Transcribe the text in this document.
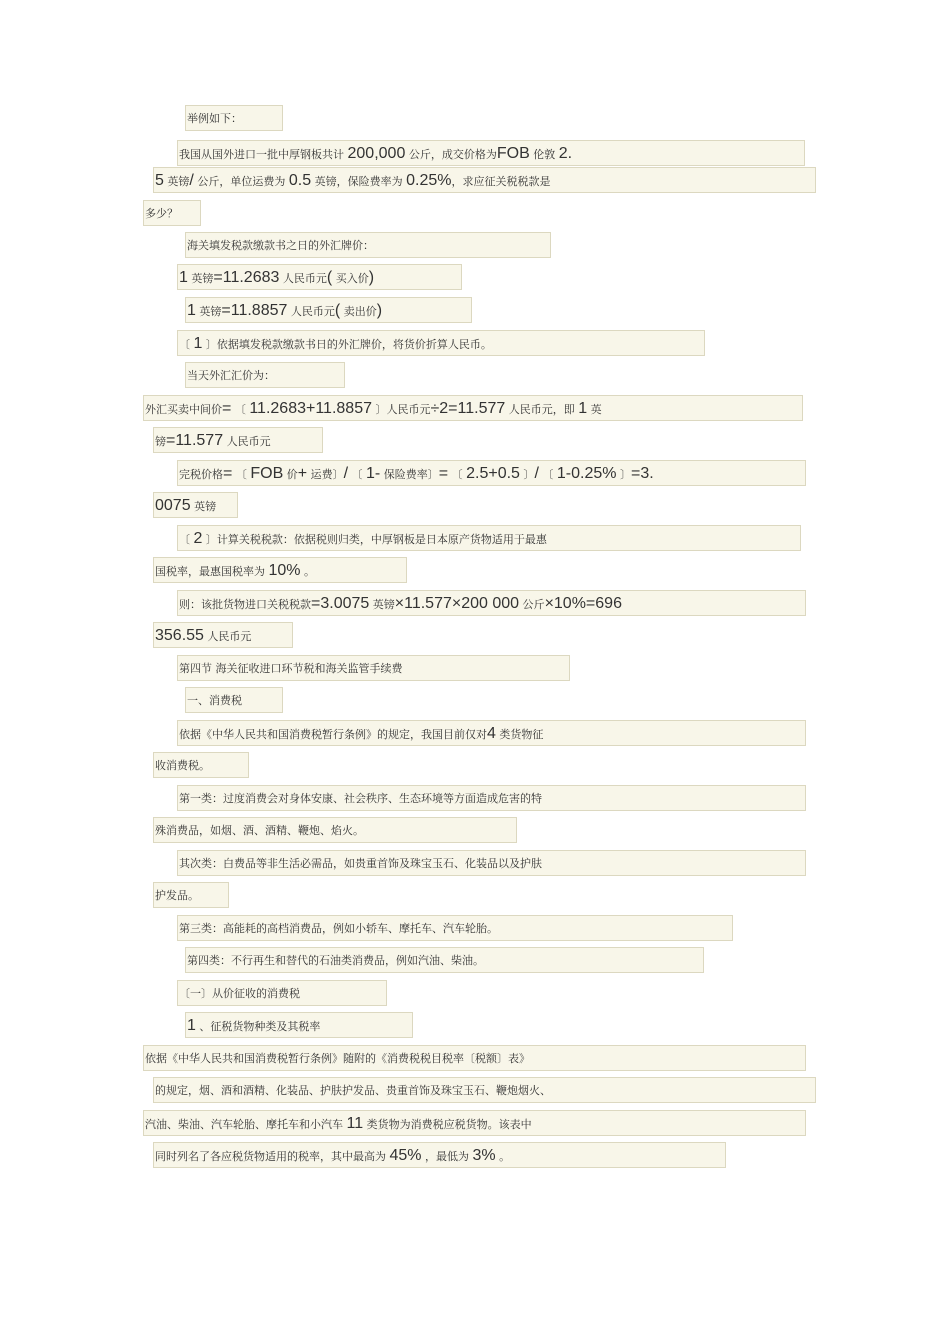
举例如下：
我国从国外进口一批中厚钢板共计 200,000 公斤，成交价格为FOB 伦敦 2.
5 英镑/ 公斤，单位运费为 0.5 英镑，保险费率为 0.25%，求应征关税税款是
多少？
海关填发税款缴款书之日的外汇牌价：
1 英镑=11.2683 人民币元( 买入价)
1 英镑=11.8857 人民币元( 卖出价)
〔 1 〕依据填发税款缴款书日的外汇牌价，将货价折算人民币。
当天外汇汇价为：
外汇买卖中间价= 〔 11.2683+11.8857 〕人民币元÷2=11.577 人民币元，即 1 英
镑=11.577 人民币元
完税价格= 〔 FOB 价+ 运费〕/ 〔 1- 保险费率〕= 〔 2.5+0.5 〕/ 〔 1-0.25% 〕=3.
0075 英镑
〔 2 〕计算关税税款：依据税则归类，中厚钢板是日本原产货物适用于最惠
国税率，最惠国税率为 10% 。
则：该批货物进口关税税款=3.0075 英镑×11.577×200 000 公斤×10%=696
356.55 人民币元
第四节 海关征收进口环节税和海关监管手续费
一、消费税
依据《中华人民共和国消费税暂行条例》的规定，我国目前仅对4 类货物征
收消费税。
第一类：过度消费会对身体安康、社会秩序、生态环境等方面造成危害的特
殊消费品，如烟、酒、酒精、鞭炮、焰火。
其次类：白费品等非生活必需品，如贵重首饰及珠宝玉石、化装品以及护肤
护发品。
第三类：高能耗的高档消费品，例如小轿车、摩托车、汽车轮胎。
第四类：不行再生和替代的石油类消费品，例如汽油、柴油。
〔一〕从价征收的消费税
1 、征税货物种类及其税率
依据《中华人民共和国消费税暂行条例》随附的《消费税税目税率〔税额〕表》
的规定，烟、酒和酒精、化装品、护肤护发品、贵重首饰及珠宝玉石、鞭炮烟火、
汽油、柴油、汽车轮胎、摩托车和小汽车 11 类货物为消费税应税货物。该表中
同时列名了各应税货物适用的税率，其中最高为 45% ，最低为 3% 。
